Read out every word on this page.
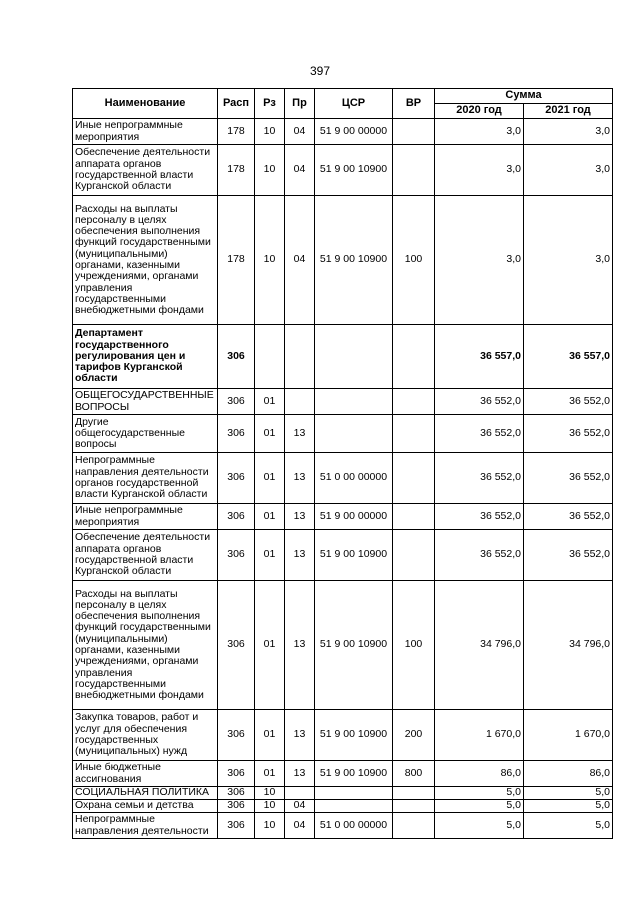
397
Наименование	Расп	Рз	Пр	ЦСР	ВР	Сумма	
						2020 год	2021 год
Иные непрограммные мероприятия	178	10	04	51 9 00 00000		3,0	3,0
Обеспечение деятельности аппарата органов государственной власти Курганской области	178	10	04	51 9 00 10900		3,0	3,0
Расходы на выплаты персоналу в целях обеспечения выполнения функций государственными (муниципальными) органами, казенными учреждениями, органами управления государственными внебюджетными фондами	178	10	04	51 9 00 10900	100	3,0	3,0
Департамент государственного регулирования цен и тарифов Курганской области	306					36 557,0	36 557,0
ОБЩЕГОСУДАРСТВЕННЫЕ ВОПРОСЫ	306	01				36 552,0	36 552,0
Другие общегосударственные вопросы	306	01	13			36 552,0	36 552,0
Непрограммные направления деятельности органов государственной власти Курганской области	306	01	13	51 0 00 00000		36 552,0	36 552,0
Иные непрограммные мероприятия	306	01	13	51 9 00 00000		36 552,0	36 552,0
Обеспечение деятельности аппарата органов государственной власти Курганской области	306	01	13	51 9 00 10900		36 552,0	36 552,0
Расходы на выплаты персоналу в целях обеспечения выполнения функций государственными (муниципальными) органами, казенными учреждениями, органами управления государственными внебюджетными фондами	306	01	13	51 9 00 10900	100	34 796,0	34 796,0
Закупка товаров, работ и услуг для обеспечения государственных (муниципальных) нужд	306	01	13	51 9 00 10900	200	1 670,0	1 670,0
Иные бюджетные ассигнования	306	01	13	51 9 00 10900	800	86,0	86,0
СОЦИАЛЬНАЯ ПОЛИТИКА	306	10				5,0	5,0
Охрана семьи и детства	306	10	04			5,0	5,0
Непрограммные направления деятельности	306	10	04	51 0 00 00000		5,0	5,0
